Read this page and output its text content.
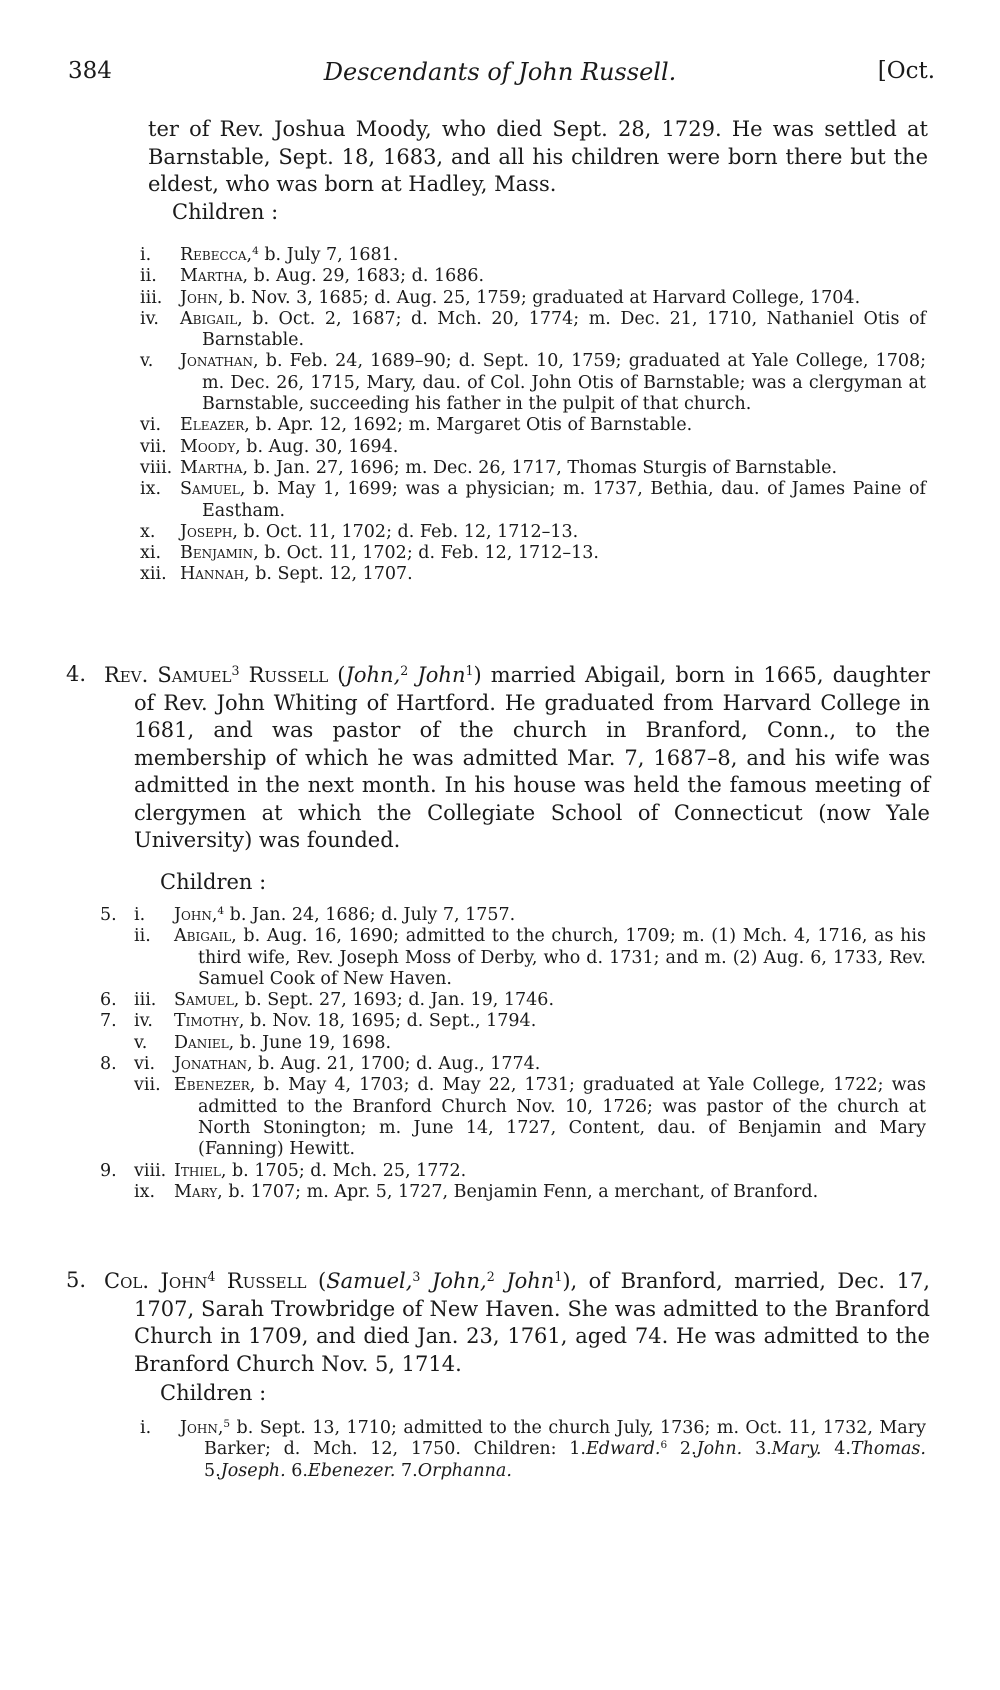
384	Descendants of John Russell.	[Oct.

ter of Rev. Joshua Moody, who died Sept. 28, 1729. He was settled at Barnstable, Sept. 18, 1683, and all his children were born there but the eldest, who was born at Hadley, Mass.

Children :
i. Rebecca,$^4$ b. July 7, 1681.
ii. Martha, b. Aug. 29, 1683; d. 1686.
iii. John, b. Nov. 3, 1685; d. Aug. 25, 1759; graduated at Harvard College, 1704.
iv. Abigail, b. Oct. 2, 1687; d. Mch. 20, 1774; m. Dec. 21, 1710, Nathaniel Otis of Barnstable.
v. Jonathan, b. Feb. 24, 1689–90; d. Sept. 10, 1759; graduated at Yale College, 1708; m. Dec. 26, 1715, Mary, dau. of Col. John Otis of Barnstable; was a clergyman at Barnstable, succeeding his father in the pulpit of that church.
vi. Eleazer, b. Apr. 12, 1692; m. Margaret Otis of Barnstable.
vii. Moody, b. Aug. 30, 1694.
viii. Martha, b. Jan. 27, 1696; m. Dec. 26, 1717, Thomas Sturgis of Barnstable.
ix. Samuel, b. May 1, 1699; was a physician; m. 1737, Bethia, dau. of James Paine of Eastham.
x. Joseph, b. Oct. 11, 1702; d. Feb. 12, 1712–13.
xi. Benjamin, b. Oct. 11, 1702; d. Feb. 12, 1712–13.
xii. Hannah, b. Sept. 12, 1707.
4. Rev. Samuel$^3$ Russell (John,$^2$ John$^1$) married Abigail, born in 1665, daughter of Rev. John Whiting of Hartford. He graduated from Harvard College in 1681, and was pastor of the church in Branford, Conn., to the membership of which he was admitted Mar. 7, 1687–8, and his wife was admitted in the next month. In his house was held the famous meeting of clergymen at which the Collegiate School of Connecticut (now Yale University) was founded.

Children :
5. i. John,$^4$ b. Jan. 24, 1686; d. July 7, 1757.
ii. Abigail, b. Aug. 16, 1690; admitted to the church, 1709; m. (1) Mch. 4, 1716, as his third wife, Rev. Joseph Moss of Derby, who d. 1731; and m. (2) Aug. 6, 1733, Rev. Samuel Cook of New Haven.
6. iii. Samuel, b. Sept. 27, 1693; d. Jan. 19, 1746.
7. iv. Timothy, b. Nov. 18, 1695; d. Sept., 1794.
v. Daniel, b. June 19, 1698.
8. vi. Jonathan, b. Aug. 21, 1700; d. Aug., 1774.
vii. Ebenezer, b. May 4, 1703; d. May 22, 1731; graduated at Yale College, 1722; was admitted to the Branford Church Nov. 10, 1726; was pastor of the church at North Stonington; m. June 14, 1727, Content, dau. of Benjamin and Mary (Fanning) Hewitt.
9. viii. Ithiel, b. 1705; d. Mch. 25, 1772.
ix. Mary, b. 1707; m. Apr. 5, 1727, Benjamin Fenn, a merchant, of Branford.
5. Col. John$^4$ Russell (Samuel,$^3$ John,$^2$ John$^1$), of Branford, married, Dec. 17, 1707, Sarah Trowbridge of New Haven. She was admitted to the Branford Church in 1709, and died Jan. 23, 1761, aged 74. He was admitted to the Branford Church Nov. 5, 1714.

Children :
i. John,$^5$ b. Sept. 13, 1710; admitted to the church July, 1736; m. Oct. 11, 1732, Mary Barker; d. Mch. 12, 1750. Children: 1.Edward.$^6$ 2.John. 3.Mary. 4.Thomas. 5.Joseph. 6.Ebenezer. 7.Orphanna.
